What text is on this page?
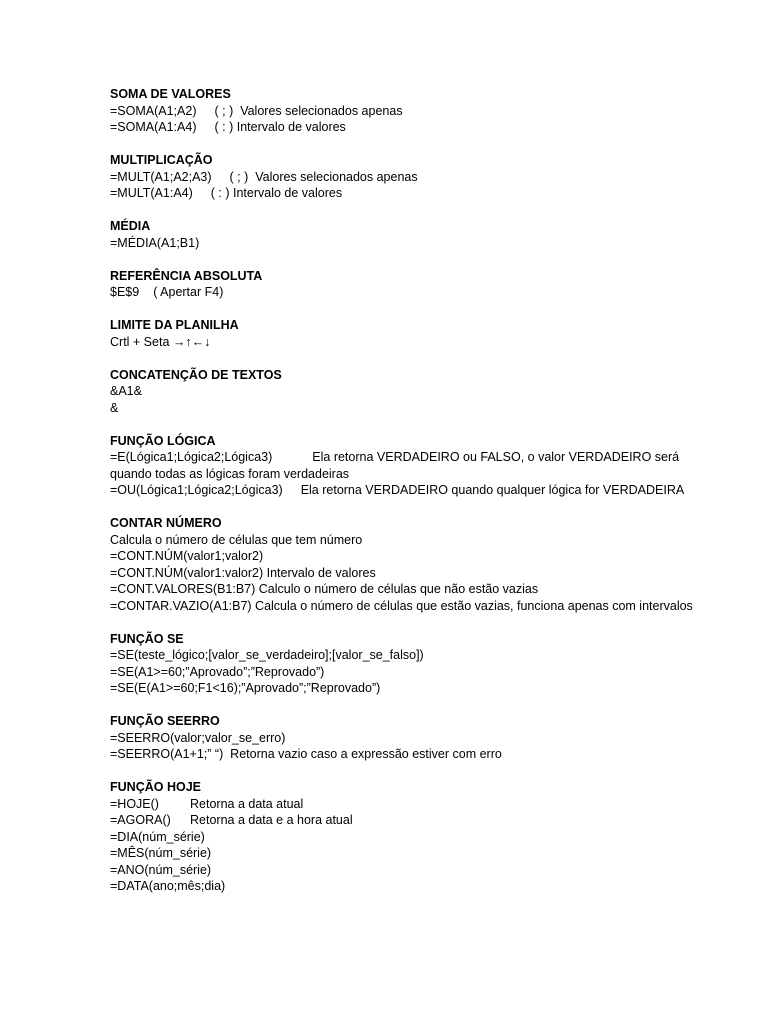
SOMA DE VALORES
=SOMA(A1;A2) ( ; )  Valores selecionados apenas
=SOMA(A1:A4) ( : ) Intervalo de valores
MULTIPLICAÇÃO
=MULT(A1;A2;A3) ( ; )  Valores selecionados apenas
=MULT(A1:A4) ( : ) Intervalo de valores
MÉDIA
=MÉDIA(A1;B1)
REFERÊNCIA ABSOLUTA
$E$9 ( Apertar F4)
LIMITE DA PLANILHA
Crtl + Seta →↑←↓
CONCATENÇÃO DE TEXTOS
&A1&
&
FUNÇÃO LÓGICA
=E(Lógica1;Lógica2;Lógica3)	Ela retorna VERDADEIRO ou FALSO, o valor VERDADEIRO será quando todas as lógicas foram verdadeiras
=OU(Lógica1;Lógica2;Lógica3) Ela retorna VERDADEIRO quando qualquer lógica for VERDADEIRA
CONTAR NÚMERO
Calcula o número de células que tem número
=CONT.NÚM(valor1;valor2)
=CONT.NÚM(valor1:valor2) Intervalo de valores
=CONT.VALORES(B1:B7) Calculo o número de células que não estão vazias
=CONTAR.VAZIO(A1:B7) Calcula o número de células que estão vazias, funciona apenas com intervalos
FUNÇÃO SE
=SE(teste_lógico;[valor_se_verdadeiro];[valor_se_falso])
=SE(A1>=60;”Aprovado”;”Reprovado”)
=SE(E(A1>=60;F1<16);”Aprovado”;”Reprovado”)
FUNÇÃO SEERRO
=SEERRO(valor;valor_se_erro)
=SEERRO(A1+1;” “)  Retorna vazio caso a expressão estiver com erro
FUNÇÃO HOJE
=HOJE() Retorna a data atual
=AGORA() Retorna a data e a hora atual
=DIA(núm_série)
=MÊS(núm_série)
=ANO(núm_série)
=DATA(ano;mês;dia)
